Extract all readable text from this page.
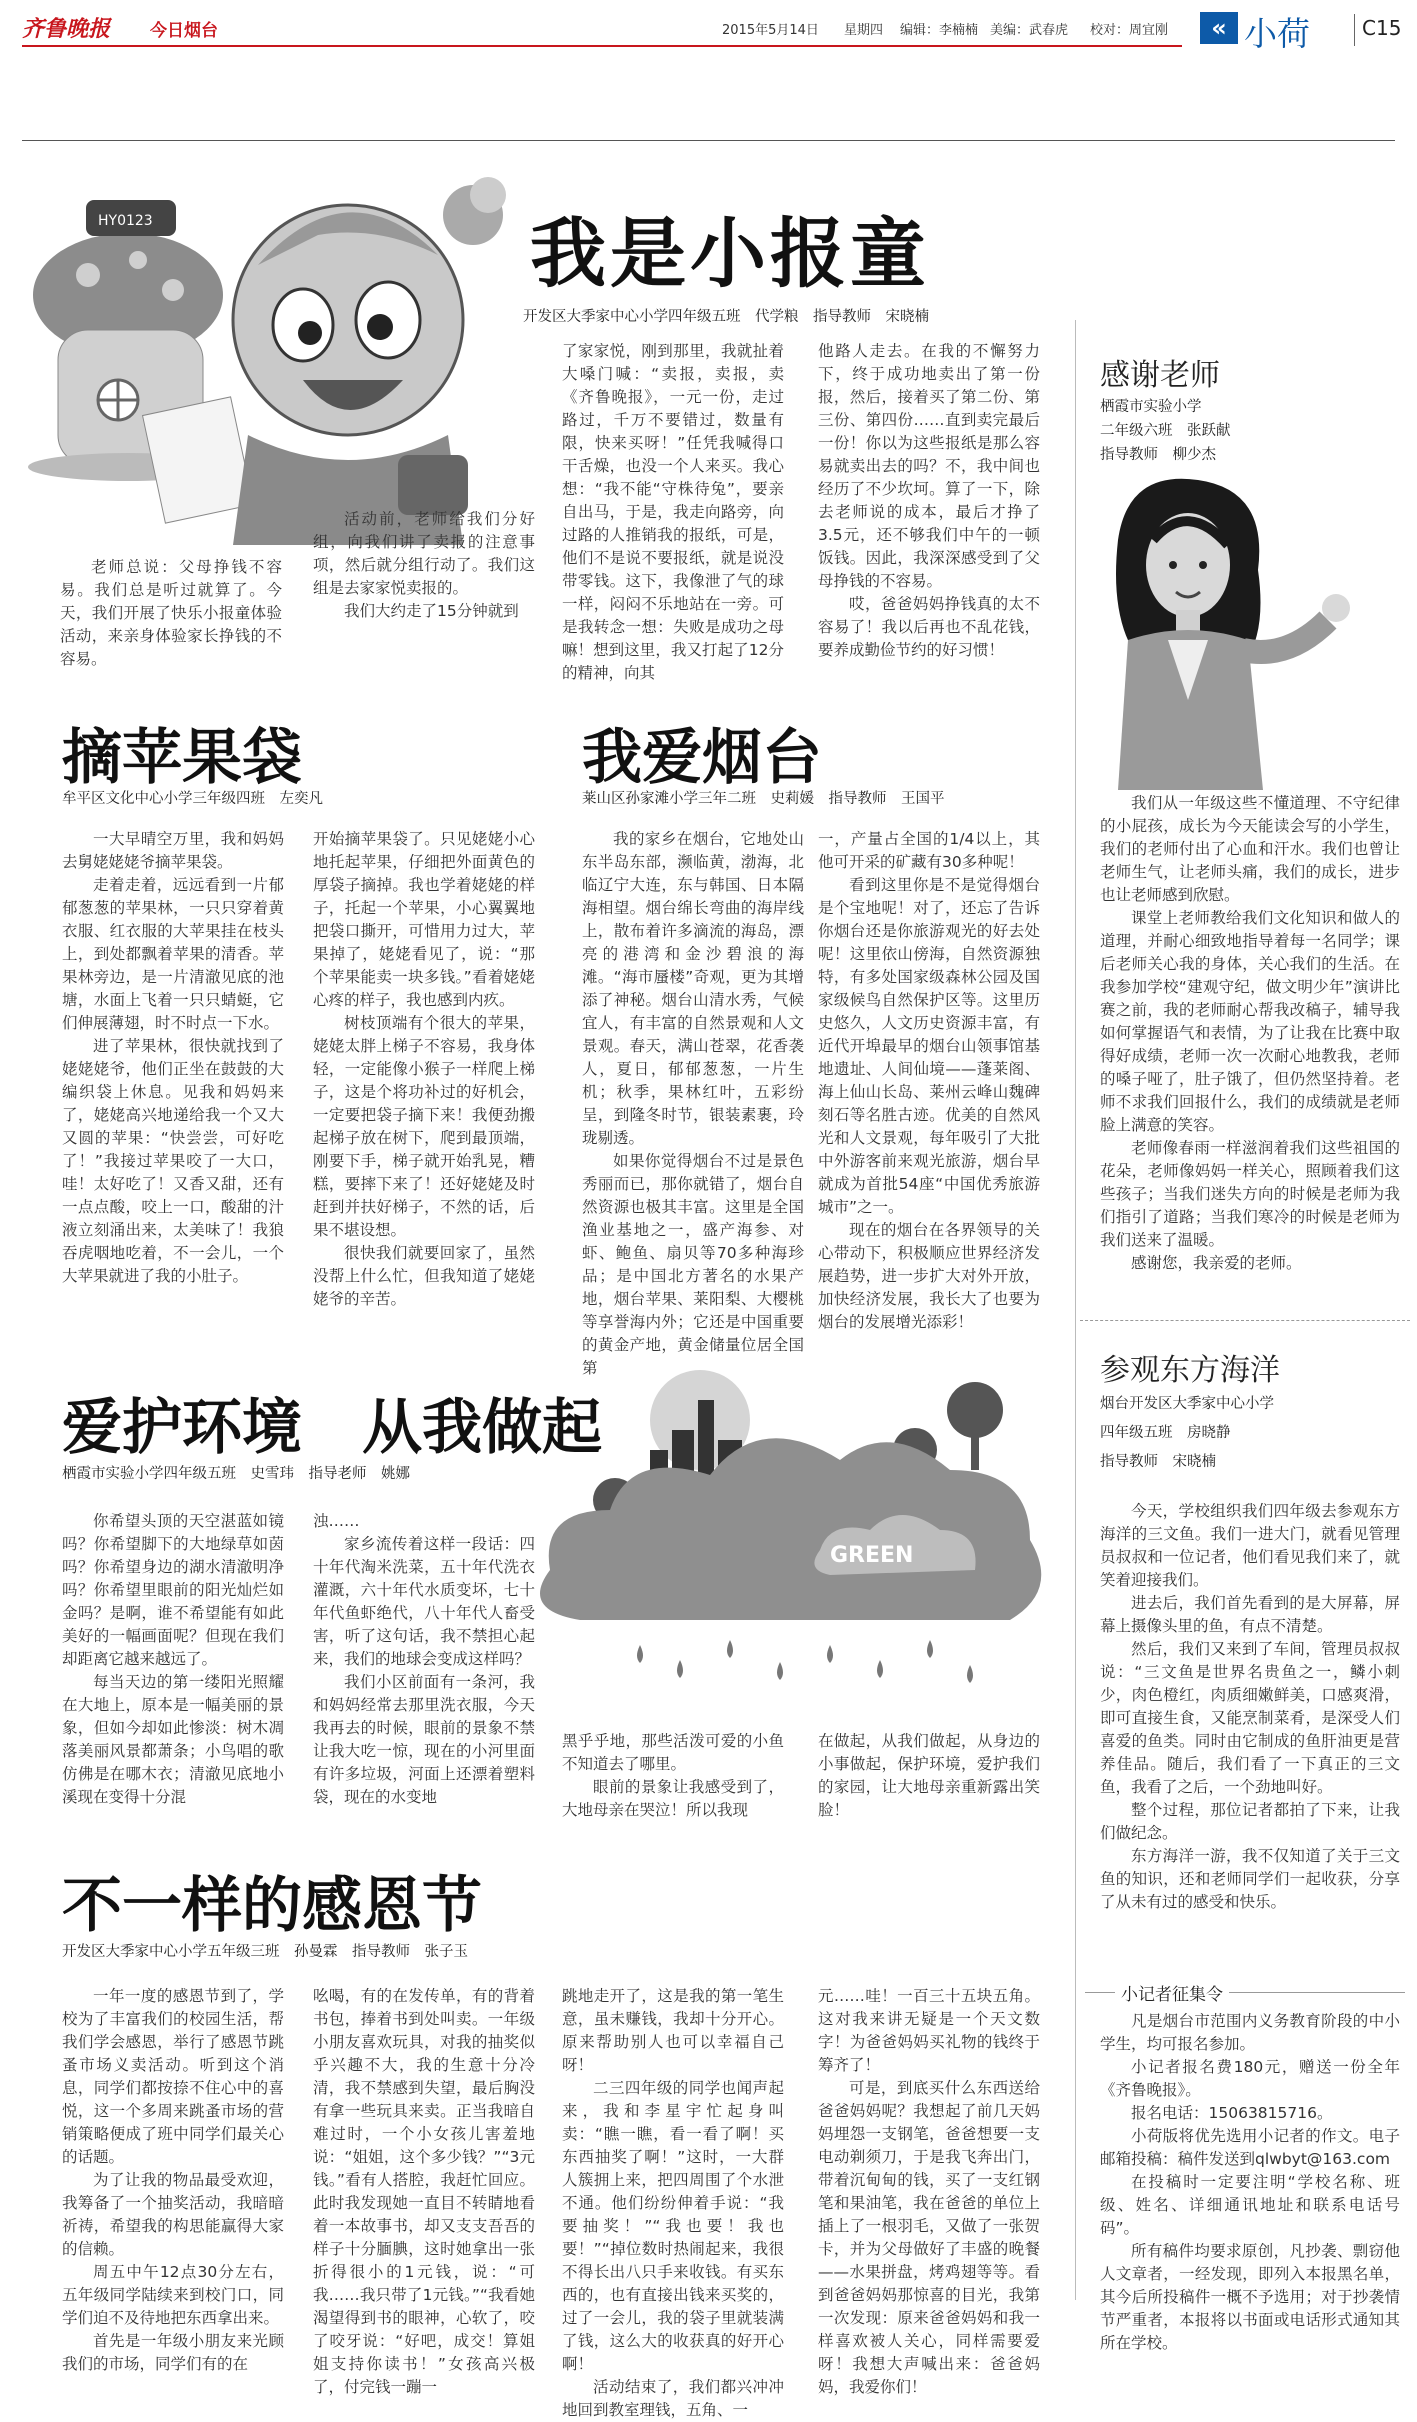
齐鲁晚报 今日烟台	2015年5月14日 星期四 编辑：李楠楠 美编：武春虎 校对：周宜刚	« 小荷	C15
HY0123	我是小报童
开发区大季家中心小学四年级五班　代学粮　指导教师　宋晓楠

老师总说：父母挣钱不容易。我们总是听过就算了。今天，我们开展了快乐小报童体验活动，来亲身体验家长挣钱的不容易。

活动前，老师给我们分好组，向我们讲了卖报的注意事项，然后就分组行动了。我们这组是去家家悦卖报的。

我们大约走了15分钟就到

了家家悦，刚到那里，我就扯着大嗓门喊：“卖报，卖报，卖《齐鲁晚报》，一元一份，走过路过，千万不要错过，数量有限，快来买呀！”任凭我喊得口干舌燥，也没一个人来买。我心想：“我不能“守株待兔”，要亲自出马，于是，我走向路旁，向过路的人推销我的报纸，可是，他们不是说不要报纸，就是说没带零钱。这下，我像泄了气的球一样，闷闷不乐地站在一旁。可是我转念一想：失败是成功之母嘛！想到这里，我又打起了12分的精神，向其

他路人走去。在我的不懈努力下，终于成功地卖出了第一份报，然后，接着买了第二份、第三份、第四份……直到卖完最后一份！你以为这些报纸是那么容易就卖出去的吗？不，我中间也经历了不少坎坷。算了一下，除去老师说的成本，最后才挣了3.5元，还不够我们中午的一顿饭钱。因此，我深深感受到了父母挣钱的不容易。

哎，爸爸妈妈挣钱真的太不容易了！我以后再也不乱花钱，要养成勤俭节约的好习惯！

感谢老师
栖霞市实验小学
二年级六班　张跃献
指导教师　柳少杰

我们从一年级这些不懂道理、不守纪律的小屁孩，成长为今天能读会写的小学生，我们的老师付出了心血和汗水。我们也曾让老师生气，让老师头痛，我们的成长，进步也让老师感到欣慰。

课堂上老师教给我们文化知识和做人的道理，并耐心细致地指导着每一名同学；课后老师关心我的身体，关心我们的生活。在我参加学校“建观守纪，做文明少年”演讲比赛之前，我的老师耐心帮我改稿子，辅导我如何掌握语气和表情，为了让我在比赛中取得好成绩，老师一次一次耐心地教我，老师的嗓子哑了，肚子饿了，但仍然坚持着。老师不求我们回报什么，我们的成绩就是老师脸上满意的笑容。

老师像春雨一样滋润着我们这些祖国的花朵，老师像妈妈一样关心，照顾着我们这些孩子；当我们迷失方向的时候是老师为我们指引了道路；当我们寒冷的时候是老师为我们送来了温暖。

感谢您，我亲爱的老师。

参观东方海洋
烟台开发区大季家中心小学
四年级五班　房晓静
指导教师　宋晓楠

今天，学校组织我们四年级去参观东方海洋的三文鱼。我们一进大门，就看见管理员叔叔和一位记者，他们看见我们来了，就笑着迎接我们。

进去后，我们首先看到的是大屏幕，屏幕上摄像头里的鱼，有点不清楚。

然后，我们又来到了车间，管理员叔叔说：“三文鱼是世界名贵鱼之一，鳞小刺少，肉色橙红，肉质细嫩鲜美，口感爽滑，即可直接生食，又能烹制菜肴，是深受人们喜爱的鱼类。同时由它制成的鱼肝油更是营养佳品。随后，我们看了一下真正的三文鱼，我看了之后，一个劲地叫好。

整个过程，那位记者都拍了下来，让我们做纪念。

东方海洋一游，我不仅知道了关于三文鱼的知识，还和老师同学们一起收获，分享了从未有过的感受和快乐。

小记者征集令

凡是烟台市范围内义务教育阶段的中小学生，均可报名参加。

小记者报名费180元，赠送一份全年《齐鲁晚报》。

报名电话：15063815716。

小荷版将优先选用小记者的作文。电子邮箱投稿：稿件发送到qlwbyt@163.com

在投稿时一定要注明“学校名称、班级、姓名、详细通讯地址和联系电话号码”。

所有稿件均要求原创，凡抄袭、剽窃他人文章者，一经发现，即列入本报黑名单，其今后所投稿件一概不予选用；对于抄袭情节严重者，本报将以书面或电话形式通知其所在学校。

摘苹果袋
牟平区文化中心小学三年级四班　左奕凡

一大早晴空万里，我和妈妈去舅姥姥姥爷摘苹果袋。

走着走着，远远看到一片郁郁葱葱的苹果林，一只只穿着黄衣服、红衣服的大苹果挂在枝头上，到处都飘着苹果的清香。苹果林旁边，是一片清澈见底的池塘，水面上飞着一只只蜻蜓，它们伸展薄翅，时不时点一下水。

进了苹果林，很快就找到了姥姥姥爷，他们正坐在鼓鼓的大编织袋上休息。见我和妈妈来了，姥姥高兴地递给我一个又大又圆的苹果：“快尝尝，可好吃了！”我接过苹果咬了一大口，哇！太好吃了！又香又甜，还有一点点酸，咬上一口，酸甜的汁液立刻涌出来，太美味了！我狼吞虎咽地吃着，不一会儿，一个大苹果就进了我的小肚子。

开始摘苹果袋了。只见姥姥小心地托起苹果，仔细把外面黄色的厚袋子摘掉。我也学着姥姥的样子，托起一个苹果，小心翼翼地把袋口撕开，可惜用力过大，苹果掉了，姥姥看见了，说：“那个苹果能卖一块多钱。”看着姥姥心疼的样子，我也感到内疚。

树枝顶端有个很大的苹果，姥姥太胖上梯子不容易，我身体轻，一定能像小猴子一样爬上梯子，这是个将功补过的好机会，一定要把袋子摘下来！我便劲搬起梯子放在树下，爬到最顶端，刚要下手，梯子就开始乳晃，糟糕，要摔下来了！还好姥姥及时赶到并扶好梯子，不然的话，后果不堪设想。

很快我们就要回家了，虽然没帮上什么忙，但我知道了姥姥姥爷的辛苦。

我爱烟台
莱山区孙家滩小学三年二班　史莉媛　指导教师　王国平

我的家乡在烟台，它地处山东半岛东部，濒临黄，渤海，北临辽宁大连，东与韩国、日本隔海相望。烟台绵长弯曲的海岸线上，散布着许多滴流的海岛，漂亮的港湾和金沙碧浪的海滩。“海市蜃楼”奇观，更为其增添了神秘。烟台山清水秀，气候宜人，有丰富的自然景观和人文景观。春天，满山苍翠，花香袭人，夏日，郁郁葱葱，一片生机；秋季，果林红叶，五彩纷呈，到隆冬时节，银装素裹，玲珑剔透。

如果你觉得烟台不过是景色秀丽而已，那你就错了，烟台自然资源也极其丰富。这里是全国渔业基地之一，盛产海参、对虾、鲍鱼、扇贝等70多种海珍品；是中国北方著名的水果产地，烟台苹果、莱阳梨、大樱桃等享誉海内外；它还是中国重要的黄金产地，黄金储量位居全国第

一，产量占全国的1/4以上，其他可开采的矿藏有30多种呢！

看到这里你是不是觉得烟台是个宝地呢！对了，还忘了告诉你烟台还是你旅游观光的好去处呢！这里依山傍海，自然资源独特，有多处国家级森林公园及国家级候鸟自然保护区等。这里历史悠久，人文历史资源丰富，有近代开埠最早的烟台山领事馆基地遗址、人间仙境——蓬莱阁、海上仙山长岛、莱州云峰山魏碑刻石等名胜古迹。优美的自然风光和人文景观，每年吸引了大批中外游客前来观光旅游，烟台早就成为首批54座“中国优秀旅游城市”之一。

现在的烟台在各界领导的关心带动下，积极顺应世界经济发展趋势，进一步扩大对外开放，加快经济发展，我长大了也要为烟台的发展增光添彩！

爱护环境　从我做起
栖霞市实验小学四年级五班　史雪玮　指导老师　姚娜
GREEN

你希望头顶的天空湛蓝如镜吗？你希望脚下的大地绿草如茵吗？你希望身边的湖水清澈明净吗？你希望里眼前的阳光灿烂如金吗？是啊，谁不希望能有如此美好的一幅画面呢？但现在我们却距离它越来越远了。

每当天边的第一缕阳光照耀在大地上，原本是一幅美丽的景象，但如今却如此惨淡：树木凋落美丽风景都萧条；小鸟唱的歌仿佛是在哪木衣；清澈见底地小溪现在变得十分混

浊……

家乡流传着这样一段话：四十年代淘米洗菜，五十年代洗衣灌溉，六十年代水质变坏，七十年代鱼虾绝代，八十年代人畜受害，听了这句话，我不禁担心起来，我们的地球会变成这样吗？

我们小区前面有一条河，我和妈妈经常去那里洗衣服，今天我再去的时候，眼前的景象不禁让我大吃一惊，现在的小河里面有许多垃圾，河面上还漂着塑料袋，现在的水变地

黑乎乎地，那些活泼可爱的小鱼不知道去了哪里。

眼前的景象让我感受到了，大地母亲在哭泣！所以我现

在做起，从我们做起，从身边的小事做起，保护环境，爱护我们的家园，让大地母亲重新露出笑脸！

不一样的感恩节
开发区大季家中心小学五年级三班　孙曼霖　指导教师　张子玉

一年一度的感恩节到了，学校为了丰富我们的校园生活，帮我们学会感恩，举行了感恩节跳蚤市场义卖活动。听到这个消息，同学们都按捺不住心中的喜悦，这一个多周来跳蚤市场的营销策略便成了班中同学们最关心的话题。

为了让我的物品最受欢迎，我筹备了一个抽奖活动，我暗暗祈祷，希望我的构思能赢得大家的信赖。

周五中午12点30分左右，五年级同学陆续来到校门口，同学们迫不及待地把东西拿出来。

首先是一年级小朋友来光顾我们的市场，同学们有的在

吆喝，有的在发传单，有的背着书包，捧着书到处叫卖。一年级小朋友喜欢玩具，对我的抽奖似乎兴趣不大，我的生意十分冷清，我不禁感到失望，最后胸没有拿一些玩具来卖。正当我暗自难过时，一个小女孩儿害羞地说：“姐姐，这个多少钱？”“3元钱。”看有人搭腔，我赶忙回应。此时我发现她一直目不转睛地看着一本故事书，却又支支吾吾的样子十分腼腆，这时她拿出一张折得很小的1元钱，说：“可我……我只带了1元钱。”“我看她渴望得到书的眼神，心软了，咬了咬牙说：“好吧，成交！算姐姐支持你读书！”女孩高兴极了，付完钱一蹦一

跳地走开了，这是我的第一笔生意，虽未赚钱，我却十分开心。原来帮助别人也可以幸福自己呀！

二三四年级的同学也闻声起来，我和李星宇忙起身叫卖：“瞧一瞧，看一看了啊！买东西抽奖了啊！”这时，一大群人簇拥上来，把四周围了个水泄不通。他们纷纷伸着手说：“我要抽奖！”“我也要！我也要！”“掉位数时热闹起来，我很不得长出八只手来收钱。有买东西的，也有直接出钱来买奖的，过了一会儿，我的袋子里就装满了钱，这么大的收获真的好开心啊！

活动结束了，我们都兴冲冲地回到教室理钱，五角、一

元……哇！一百三十五块五角。这对我来讲无疑是一个天文数字！为爸爸妈妈买礼物的钱终于筹齐了！

可是，到底买什么东西送给爸爸妈妈呢？我想起了前几天妈妈埋怨一支钢笔，爸爸想要一支电动剃须刀，于是我飞奔出门，带着沉甸甸的钱，买了一支红钢笔和果油笔，我在爸爸的单位上插上了一根羽毛，又做了一张贺卡，并为父母做好了丰盛的晚餐——水果拼盘，烤鸡翅等等。看到爸爸妈妈那惊喜的目光，我第一次发现：原来爸爸妈妈和我一样喜欢被人关心，同样需要爱呀！我想大声喊出来：爸爸妈妈，我爱你们！
